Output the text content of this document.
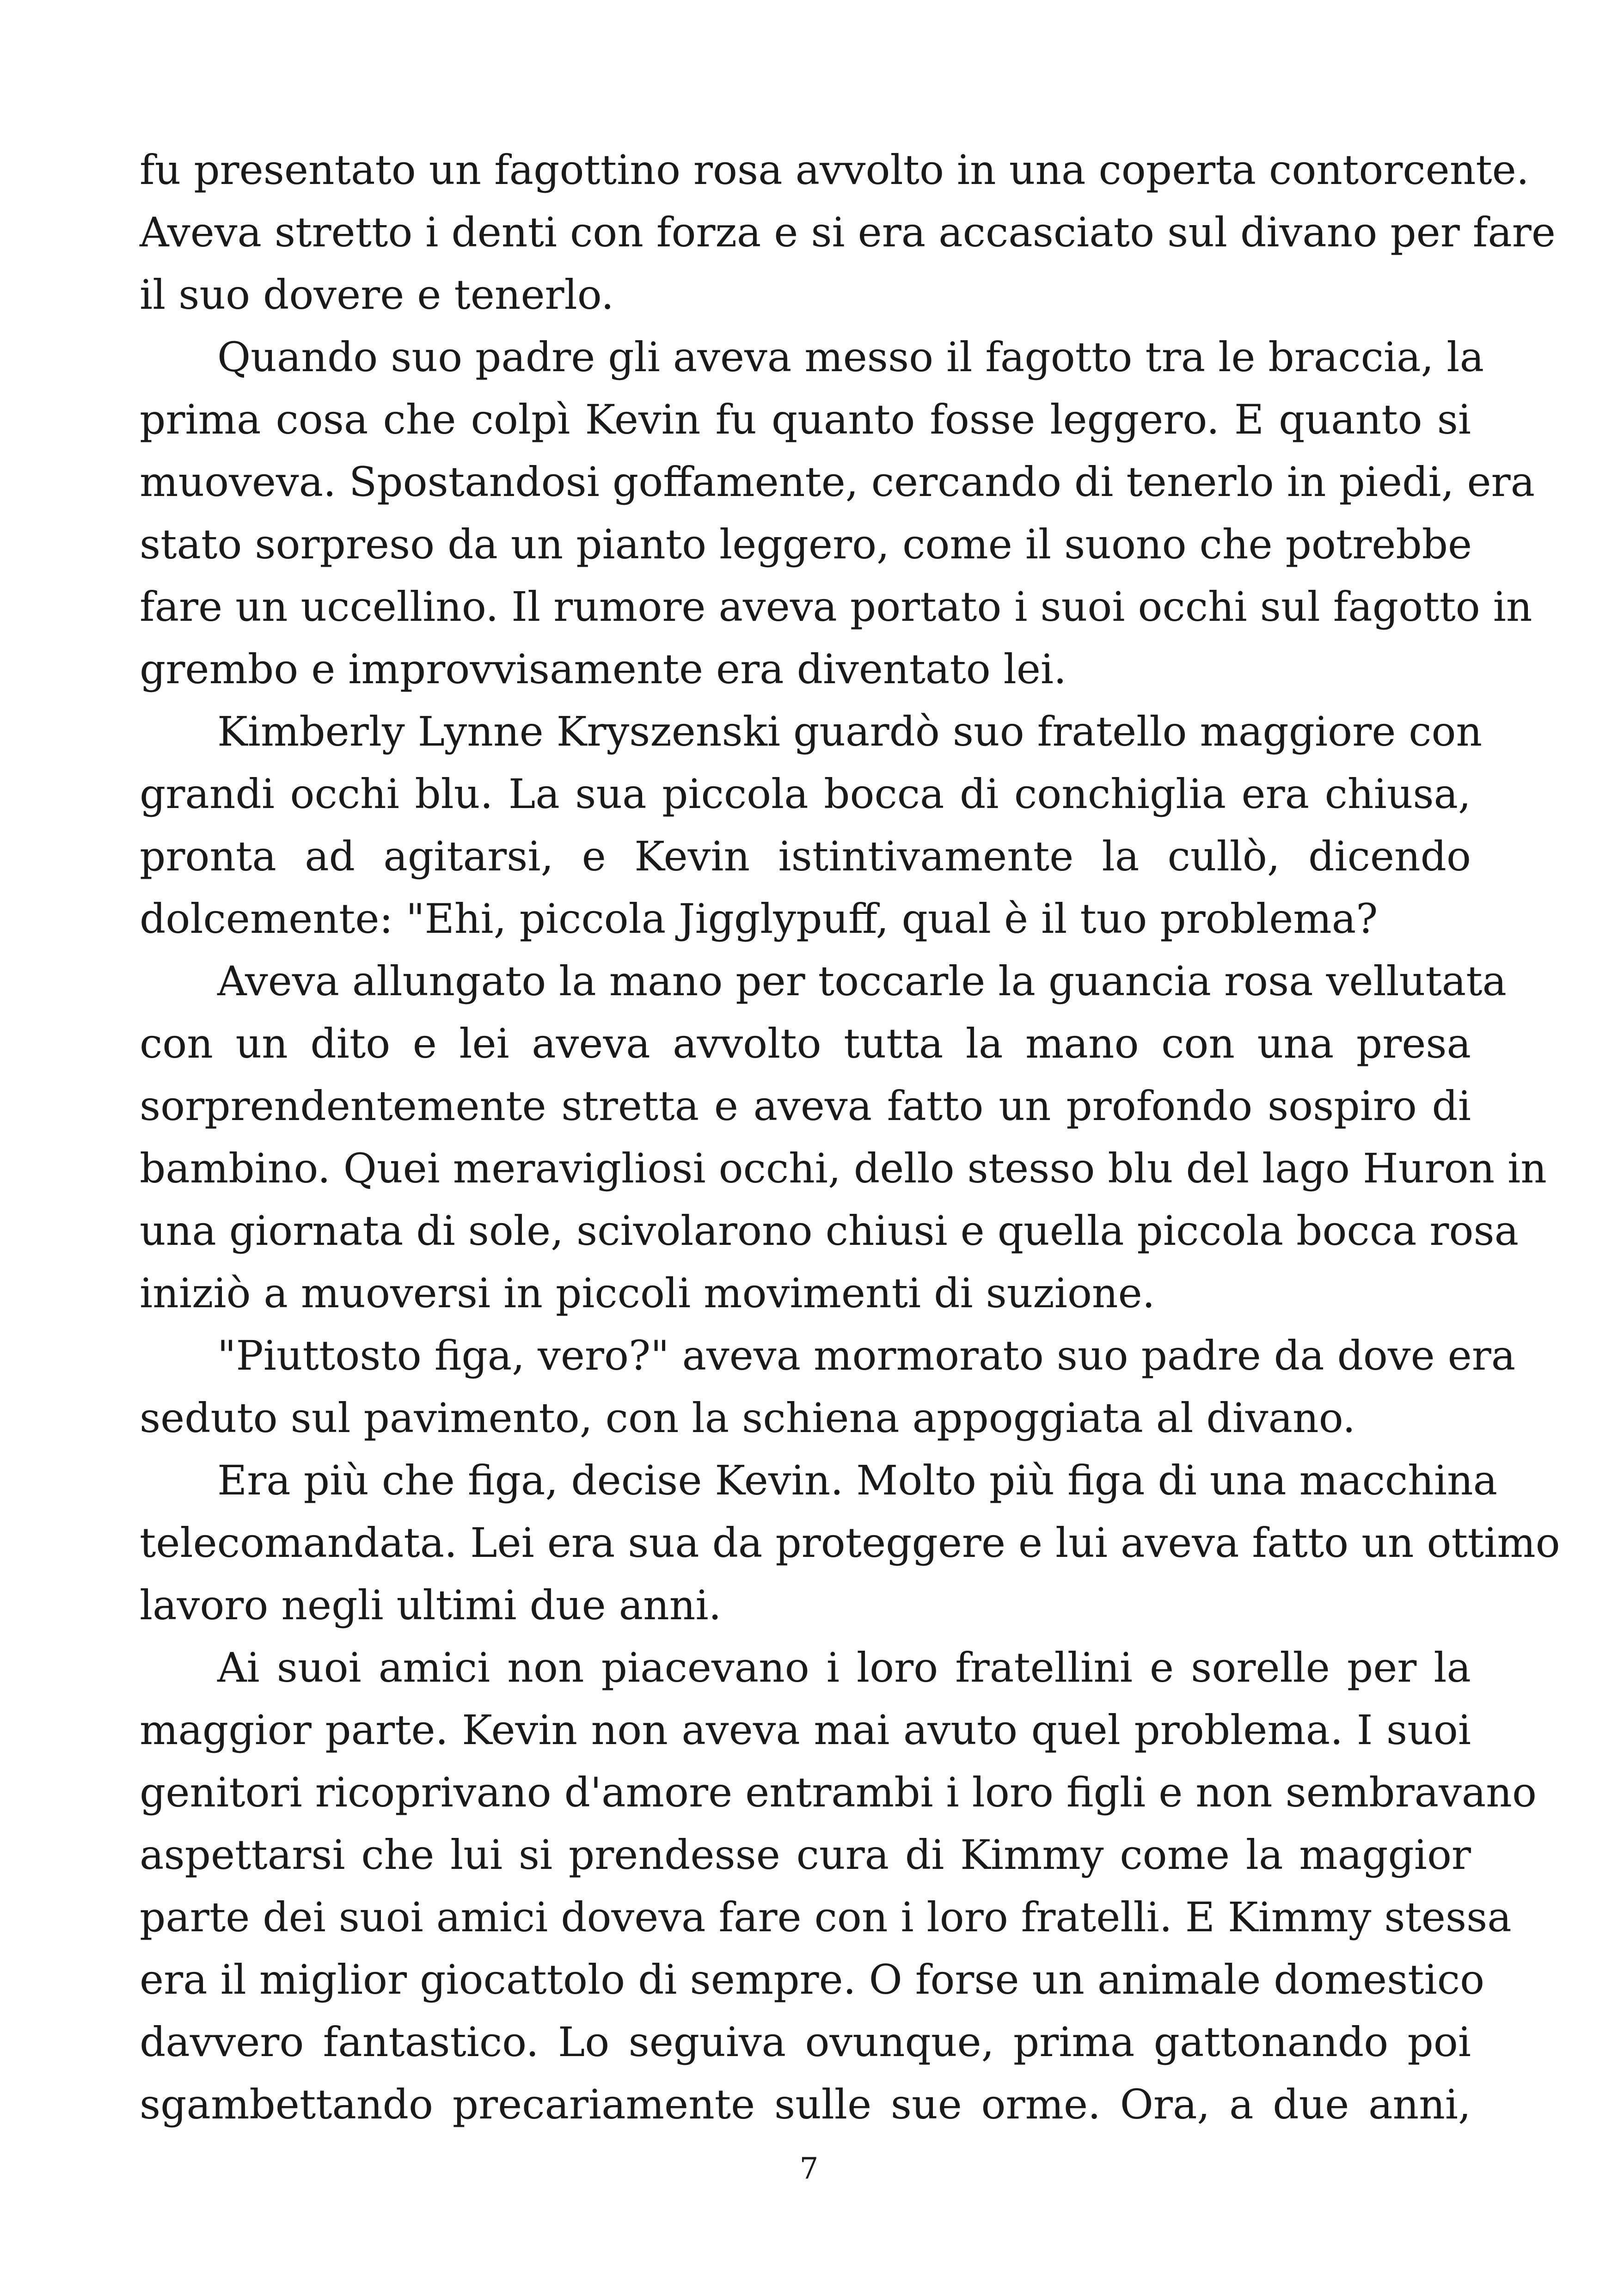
fu presentato un fagottino rosa avvolto in una coperta contorcente.
Aveva stretto i denti con forza e si era accasciato sul divano per fare
il suo dovere e tenerlo.
Quando suo padre gli aveva messo il fagotto tra le braccia, la
prima cosa che colpì Kevin fu quanto fosse leggero. E quanto si
muoveva. Spostandosi goffamente, cercando di tenerlo in piedi, era
stato sorpreso da un pianto leggero, come il suono che potrebbe
fare un uccellino. Il rumore aveva portato i suoi occhi sul fagotto in
grembo e improvvisamente era diventato lei.
Kimberly Lynne Kryszenski guardò suo fratello maggiore con
grandi occhi blu. La sua piccola bocca di conchiglia era chiusa,
pronta ad agitarsi, e Kevin istintivamente la cullò, dicendo
dolcemente: "Ehi, piccola Jigglypuff, qual è il tuo problema?
Aveva allungato la mano per toccarle la guancia rosa vellutata
con un dito e lei aveva avvolto tutta la mano con una presa
sorprendentemente stretta e aveva fatto un profondo sospiro di
bambino. Quei meravigliosi occhi, dello stesso blu del lago Huron in
una giornata di sole, scivolarono chiusi e quella piccola bocca rosa
iniziò a muoversi in piccoli movimenti di suzione.
"Piuttosto figa, vero?" aveva mormorato suo padre da dove era
seduto sul pavimento, con la schiena appoggiata al divano.
Era più che figa, decise Kevin. Molto più figa di una macchina
telecomandata. Lei era sua da proteggere e lui aveva fatto un ottimo
lavoro negli ultimi due anni.
Ai suoi amici non piacevano i loro fratellini e sorelle per la
maggior parte. Kevin non aveva mai avuto quel problema. I suoi
genitori ricoprivano d'amore entrambi i loro figli e non sembravano
aspettarsi che lui si prendesse cura di Kimmy come la maggior
parte dei suoi amici doveva fare con i loro fratelli. E Kimmy stessa
era il miglior giocattolo di sempre. O forse un animale domestico
davvero fantastico. Lo seguiva ovunque, prima gattonando poi
sgambettando precariamente sulle sue orme. Ora, a due anni,
7
